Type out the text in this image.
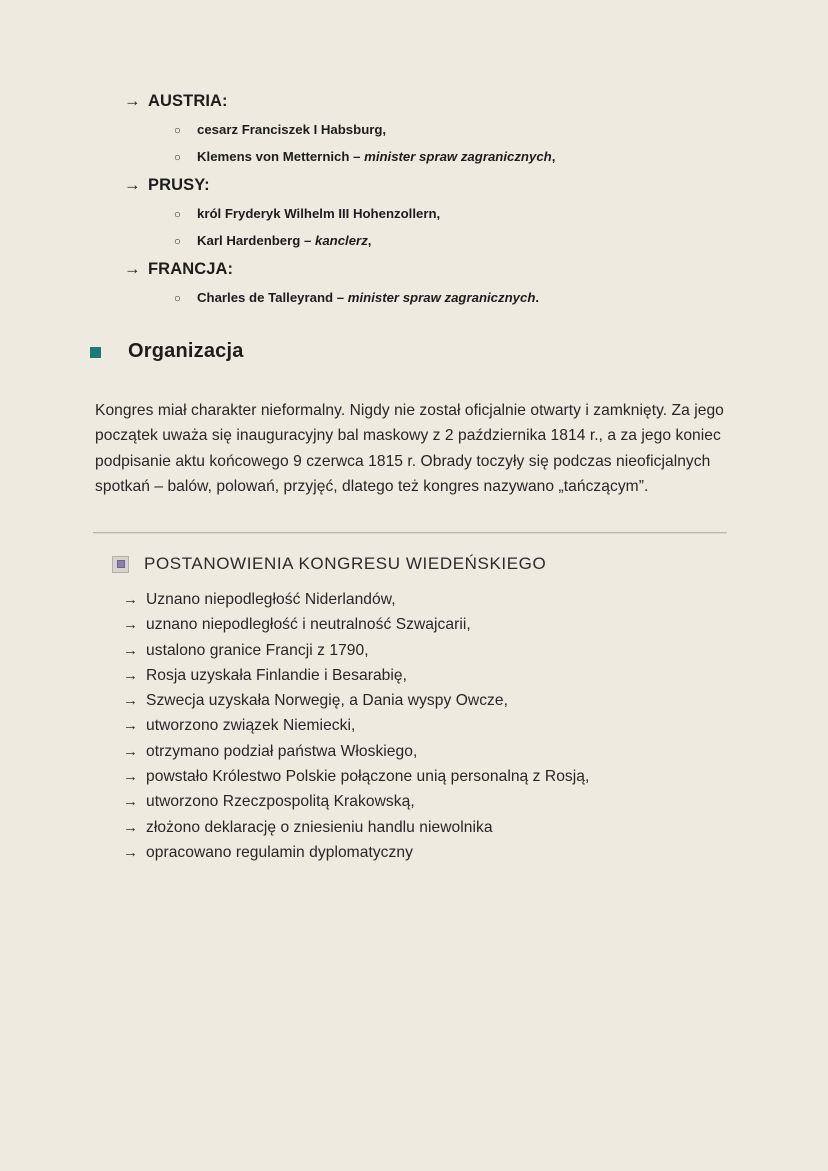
→ AUSTRIA:
○	cesarz Franciszek I Habsburg,
○	Klemens von Metternich – minister spraw zagranicznych,
→ PRUSY:
○	król Fryderyk Wilhelm III Hohenzollern,
○	Karl Hardenberg – kanclerz,
→ FRANCJA:
○	Charles de Talleyrand – minister spraw zagranicznych.
Organizacja

Kongres miał charakter nieformalny. Nigdy nie został oficjalnie otwarty i zamknięty. Za jego początek uważa się inauguracyjny bal maskowy z 2 października 1814 r., a za jego koniec podpisanie aktu końcowego 9 czerwca 1815 r. Obrady toczyły się podczas nieoficjalnych spotkań – balów, polowań, przyjęć, dlatego też kongres nazywano „tańczącym”.

POSTANOWIENIA KONGRESU WIEDEŃSKIEGO
→ Uznano niepodległość Niderlandów,
→ uznano niepodległość i neutralność Szwajcarii,
→ ustalono granice Francji z 1790,
→ Rosja uzyskała Finlandie i Besarabię,
→ Szwecja uzyskała Norwegię, a Dania wyspy Owcze,
→ utworzono związek Niemiecki,
→ otrzymano podział państwa Włoskiego,
→ powstało Królestwo Polskie połączone unią personalną z Rosją,
→ utworzono Rzeczpospolitą Krakowską,
→ złożono deklarację o zniesieniu handlu niewolnika
→ opracowano regulamin dyplomatyczny
